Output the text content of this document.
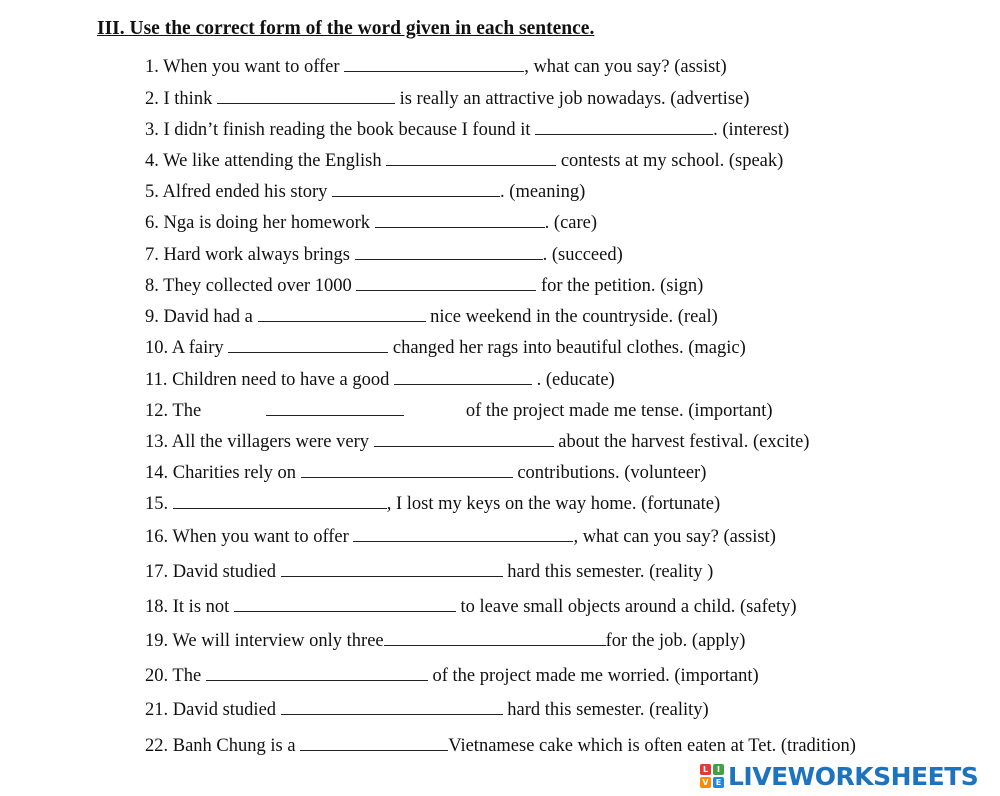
III. Use the correct form of the word given in each sentence.
1. When you want to offer	, what can you say? (assist)
2. I think	is really an attractive job nowadays. (advertise)
3. I didn’t finish reading the book because I found it	. (interest)
4. We like attending the English	contests at my school. (speak)
5. Alfred ended his story	. (meaning)
6. Nga is doing her homework	. (care)
7. Hard work always brings	. (succeed)
8. They collected over 1000	for the petition. (sign)
9. David had a	nice weekend in the countryside. (real)
10. A fairy	changed her rags into beautiful clothes. (magic)
11. Children need to have a good	. (educate)
12. The	of the project made me tense. (important)
13. All the villagers were very	about the harvest festival. (excite)
14. Charities rely on	contributions. (volunteer)
15.	, I lost my keys on the way home. (fortunate)
16. When you want to offer	, what can you say? (assist)
17. David studied	hard this semester. (reality )
18. It is not	to leave small objects around a child. (safety)
19. We will interview only three	for the job. (apply)
20. The	of the project made me worried. (important)
21. David studied	hard this semester. (reality)
22. Banh Chung is a	Vietnamese cake which is often eaten at Tet. (tradition)
L	I
V E LIVEWORKSHEETS
